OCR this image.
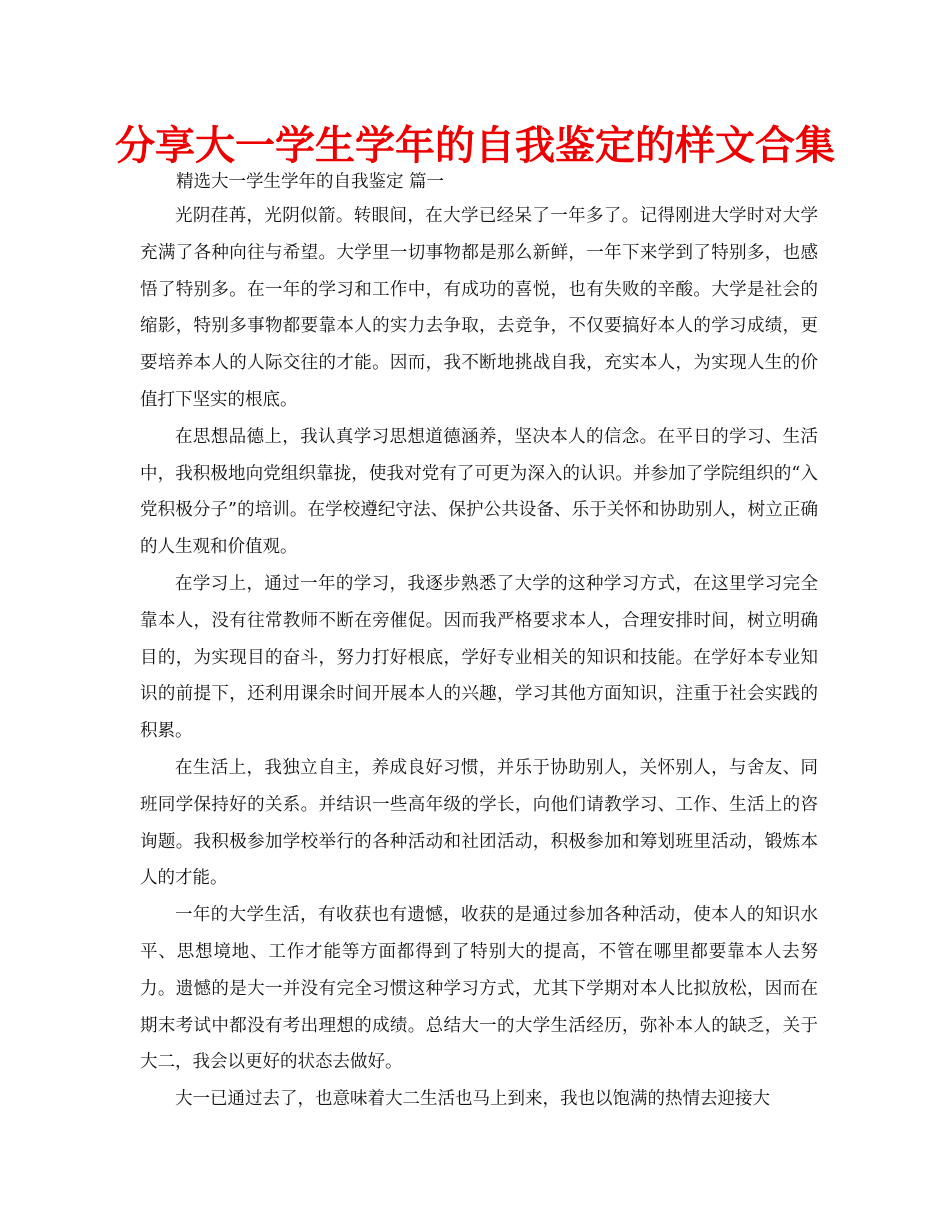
分享大一学生学年的自我鉴定的样文合集

精选大一学生学年的自我鉴定 篇一

光阴荏苒，光阴似箭。转眼间，在大学已经呆了一年多了。记得刚进大学时对大学充满了各种向往与希望。大学里一切事物都是那么新鲜，一年下来学到了特别多，也感悟了特别多。在一年的学习和工作中，有成功的喜悦，也有失败的辛酸。大学是社会的缩影，特别多事物都要靠本人的实力去争取，去竞争，不仅要搞好本人的学习成绩，更要培养本人的人际交往的才能。因而，我不断地挑战自我，充实本人，为实现人生的价值打下坚实的根底。

在思想品德上，我认真学习思想道德涵养，坚决本人的信念。在平日的学习、生活中，我积极地向党组织靠拢，使我对党有了可更为深入的认识。并参加了学院组织的“入党积极分子”的培训。在学校遵纪守法、保护公共设备、乐于关怀和协助别人，树立正确的人生观和价值观。

在学习上，通过一年的学习，我逐步熟悉了大学的这种学习方式，在这里学习完全靠本人，没有往常教师不断在旁催促。因而我严格要求本人，合理安排时间，树立明确目的，为实现目的奋斗，努力打好根底，学好专业相关的知识和技能。在学好本专业知识的前提下，还利用课余时间开展本人的兴趣，学习其他方面知识，注重于社会实践的积累。

在生活上，我独立自主，养成良好习惯，并乐于协助别人，关怀别人，与舍友、同班同学保持好的关系。并结识一些高年级的学长，向他们请教学习、工作、生活上的咨询题。我积极参加学校举行的各种活动和社团活动，积极参加和筹划班里活动，锻炼本人的才能。

一年的大学生活，有收获也有遗憾，收获的是通过参加各种活动，使本人的知识水平、思想境地、工作才能等方面都得到了特别大的提高，不管在哪里都要靠本人去努力。遗憾的是大一并没有完全习惯这种学习方式，尤其下学期对本人比拟放松，因而在期末考试中都没有考出理想的成绩。总结大一的大学生活经历，弥补本人的缺乏，关于大二，我会以更好的状态去做好。

大一已通过去了，也意味着大二生活也马上到来，我也以饱满的热情去迎接大
